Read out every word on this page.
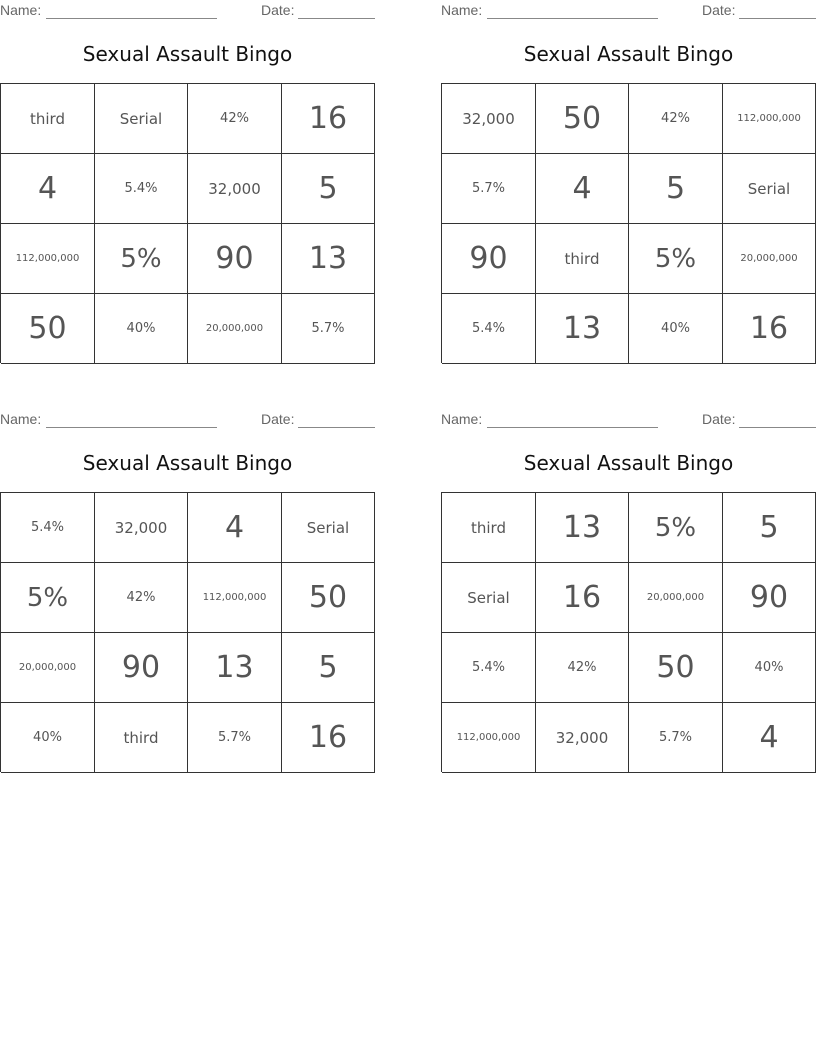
Name:	Date:
Sexual Assault Bingo
third	Serial	42%	16
4	5.4%	32,000	5
112,000,000	5%	90	13
50	40%	20,000,000	5.7%
Name:	Date:
Sexual Assault Bingo
32,000	50	42%	112,000,000
5.7%	4	5	Serial
90	third	5%	20,000,000
5.4%	13	40%	16
Name:	Date:
Sexual Assault Bingo
5.4%	32,000	4	Serial
5%	42%	112,000,000	50
20,000,000	90	13	5
40%	third	5.7%	16
Name:	Date:
Sexual Assault Bingo
third	13	5%	5
Serial	16	20,000,000	90
5.4%	42%	50	40%
112,000,000	32,000	5.7%	4
